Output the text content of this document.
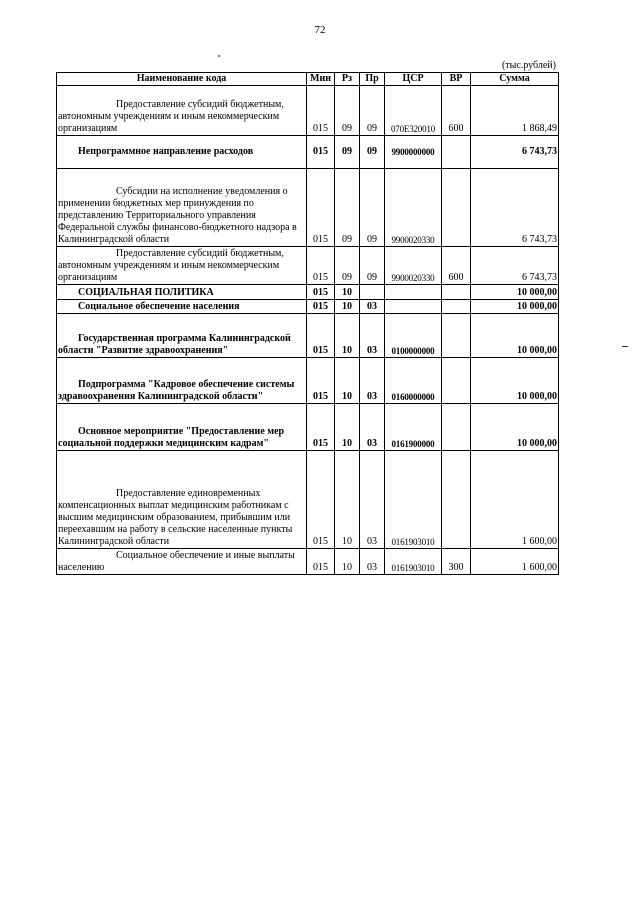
72
(тыс.рублей)
Наименование кода	Мин	Рз	Пр	ЦСР	ВР	Сумма
Предоставление субсидий бюджетным, автономным учреждениям и иным некоммерческим организациям	015	09	09	070E320010	600	1 868,49
Непрограммное направление расходов	015	09	09	9900000000		6 743,73
Субсидии на исполнение уведомления о применении бюджетных мер принуждения по представлению Территориального управления Федеральной службы финансово-бюджетного надзора в Калининградской области	015	09	09	9900020330		6 743,73
Предоставление субсидий бюджетным, автономным учреждениям и иным некоммерческим организациям	015	09	09	9900020330	600	6 743,73
СОЦИАЛЬНАЯ ПОЛИТИКА	015	10				10 000,00
Социальное обеспечение населения	015	10	03			10 000,00
Государственная программа Калининградской области "Развитие здравоохранения"	015	10	03	0100000000		10 000,00
Подпрограмма "Кадровое обеспечение системы здравоохранения Калининградской области"	015	10	03	0160000000		10 000,00
Основное мероприятие "Предоставление мер социальной поддержки медицинским кадрам"	015	10	03	0161900000		10 000,00
Предоставление единовременных компенсационных выплат медицинским работникам с высшим медицинским образованием, прибывшим или переехавшим на работу в сельские населенные пункты Калининградской области	015	10	03	0161903010		1 600,00
Социальное обеспечение и иные выплаты населению	015	10	03	0161903010	300	1 600,00
